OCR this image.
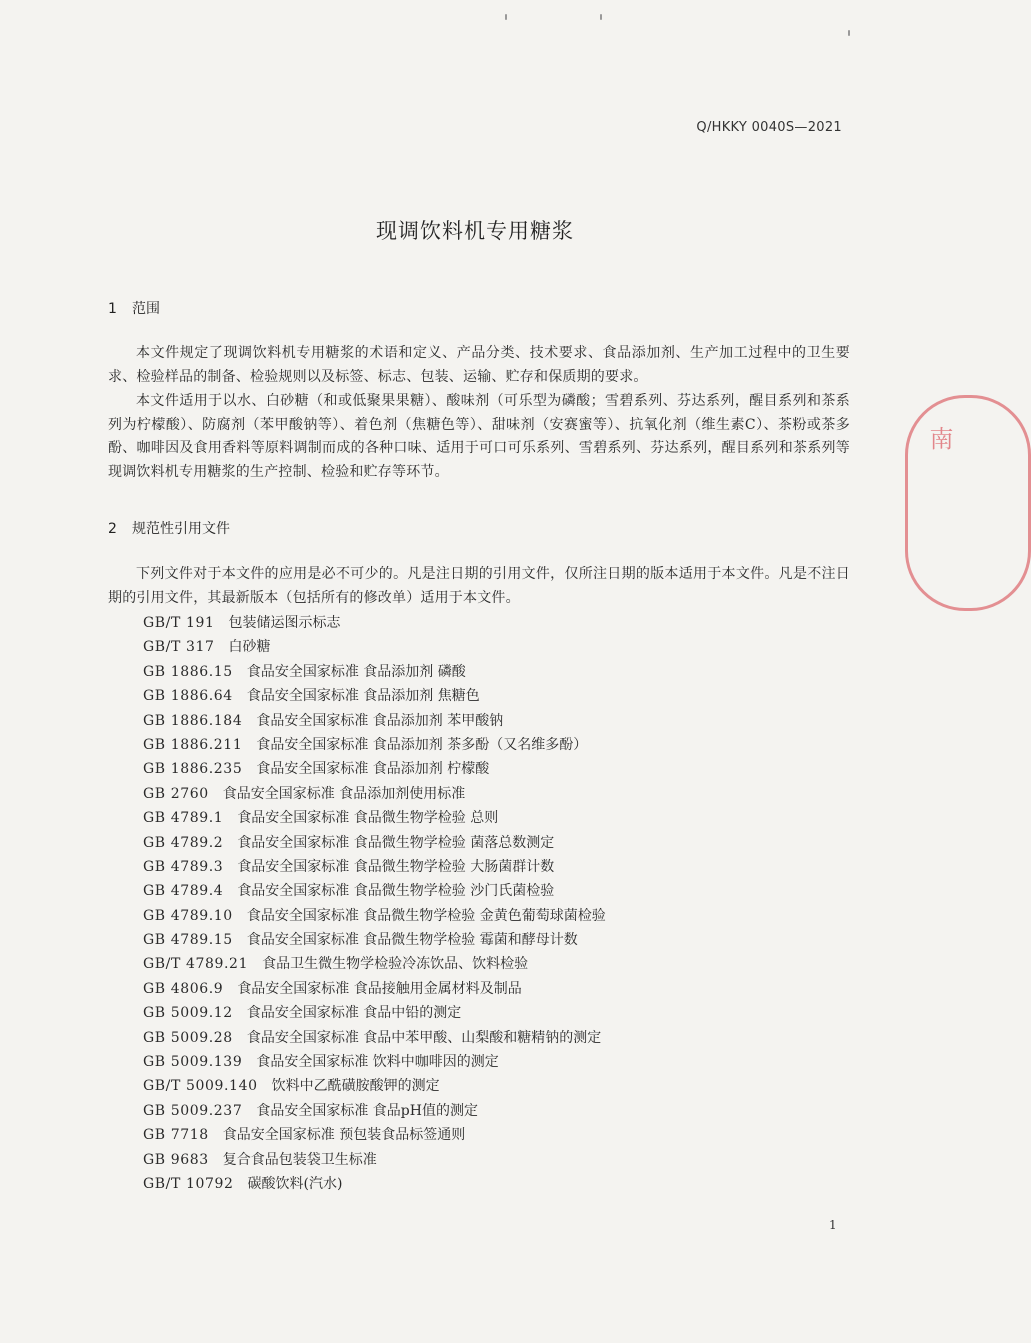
Q/HKKY 0040S—2021
现调饮料机专用糖浆
1 范围

本文件规定了现调饮料机专用糖浆的术语和定义、产品分类、技术要求、食品添加剂、生产加工过程中的卫生要求、检验样品的制备、检验规则以及标签、标志、包装、运输、贮存和保质期的要求。

本文件适用于以水、白砂糖（和或低聚果果糖）、酸味剂（可乐型为磷酸；雪碧系列、芬达系列，醒目系列和茶系列为柠檬酸）、防腐剂（苯甲酸钠等）、着色剂（焦糖色等）、甜味剂（安赛蜜等）、抗氧化剂（维生素C）、茶粉或茶多酚、咖啡因及食用香料等原料调制而成的各种口味、适用于可口可乐系列、雪碧系列、芬达系列，醒目系列和茶系列等现调饮料机专用糖浆的生产控制、检验和贮存等环节。

2 规范性引用文件

下列文件对于本文件的应用是必不可少的。凡是注日期的引用文件，仅所注日期的版本适用于本文件。凡是不注日期的引用文件，其最新版本（包括所有的修改单）适用于本文件。

GB/T 191 包装储运图示标志
GB/T 317 白砂糖
GB 1886.15 食品安全国家标准 食品添加剂 磷酸
GB 1886.64 食品安全国家标准 食品添加剂 焦糖色
GB 1886.184 食品安全国家标准 食品添加剂 苯甲酸钠
GB 1886.211 食品安全国家标准 食品添加剂 茶多酚（又名维多酚）
GB 1886.235 食品安全国家标准 食品添加剂 柠檬酸
GB 2760 食品安全国家标准 食品添加剂使用标准
GB 4789.1 食品安全国家标准 食品微生物学检验 总则
GB 4789.2 食品安全国家标准 食品微生物学检验 菌落总数测定
GB 4789.3 食品安全国家标准 食品微生物学检验 大肠菌群计数
GB 4789.4 食品安全国家标准 食品微生物学检验 沙门氏菌检验
GB 4789.10 食品安全国家标准 食品微生物学检验 金黄色葡萄球菌检验
GB 4789.15 食品安全国家标准 食品微生物学检验 霉菌和酵母计数
GB/T 4789.21 食品卫生微生物学检验冷冻饮品、饮料检验
GB 4806.9 食品安全国家标准 食品接触用金属材料及制品
GB 5009.12 食品安全国家标准 食品中铅的测定
GB 5009.28 食品安全国家标准 食品中苯甲酸、山梨酸和糖精钠的测定
GB 5009.139 食品安全国家标准 饮料中咖啡因的测定
GB/T 5009.140 饮料中乙酰磺胺酸钾的测定
GB 5009.237 食品安全国家标准 食品pH值的测定
GB 7718 食品安全国家标准 预包装食品标签通则
GB 9683 复合食品包装袋卫生标准
GB/T 10792 碳酸饮料(汽水)
1
南
